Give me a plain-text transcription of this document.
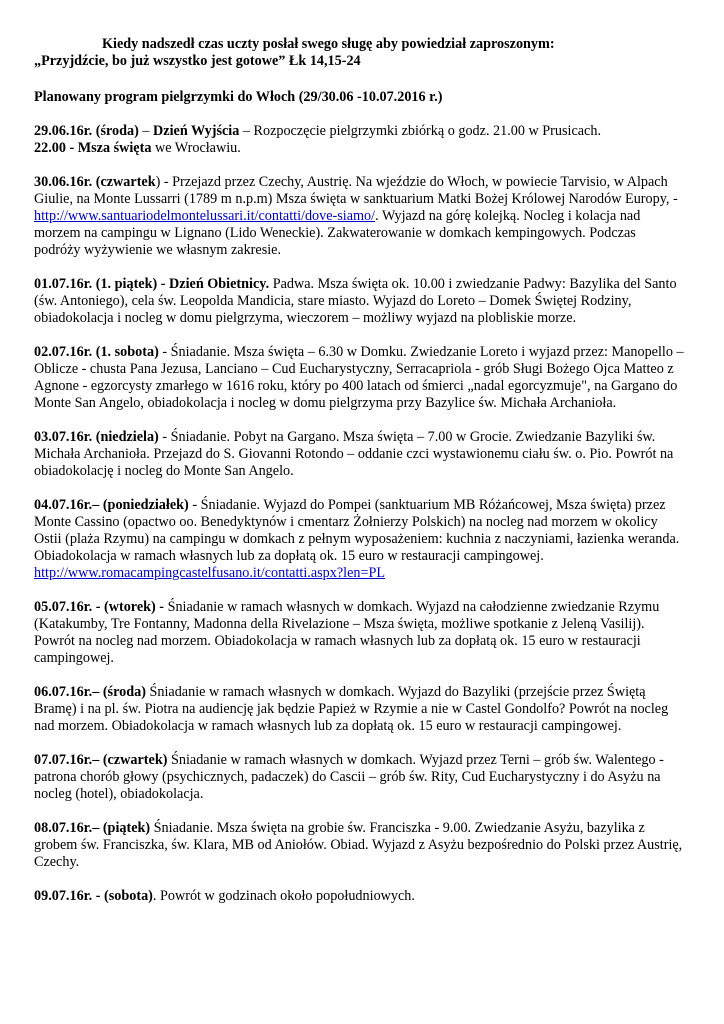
Kiedy nadszedł czas uczty posłał swego sługę aby powiedział zaproszonym:
„Przyjdźcie, bo już wszystko jest gotowe” Łk 14,15-24

Planowany program pielgrzymki do Włoch (29/30.06 -10.07.2016 r.)

29.06.16r. (środa) – Dzień Wyjścia – Rozpoczęcie pielgrzymki zbiórką o godz. 21.00 w Prusicach.
22.00 - Msza święta we Wrocławiu.

30.06.16r. (czwartek) - Przejazd przez Czechy, Austrię. Na wjeździe do Włoch, w powiecie Tarvisio, w Alpach Giulie, na Monte Lussarri (1789 m n.p.m) Msza święta w sanktuarium Matki Bożej Królowej Narodów Europy, - http://www.santuariodelmontelussari.it/contatti/dove-siamo/. Wyjazd na górę kolejką. Nocleg i kolacja nad morzem na campingu w Lignano (Lido Weneckie). Zakwaterowanie w domkach kempingowych. Podczas podróży wyżywienie we własnym zakresie.

01.07.16r. (1. piątek) - Dzień Obietnicy. Padwa. Msza święta ok. 10.00 i zwiedzanie Padwy: Bazylika del Santo (św. Antoniego), cela św. Leopolda Mandicia, stare miasto. Wyjazd do Loreto – Domek Świętej Rodziny, obiadokolacja i nocleg w domu pielgrzyma, wieczorem – możliwy wyjazd na plobliskie morze.

02.07.16r. (1. sobota) - Śniadanie. Msza święta – 6.30 w Domku. Zwiedzanie Loreto i wyjazd przez: Manopello – Oblicze - chusta Pana Jezusa, Lanciano – Cud Eucharystyczny, Serracapriola - grób Sługi Bożego Ojca Matteo z Agnone - egzorcysty zmarłego w 1616 roku, który po 400 latach od śmierci „nadal egorcyzmuje", na Gargano do Monte San Angelo, obiadokolacja i nocleg w domu pielgrzyma przy Bazylice św. Michała Archanioła.

03.07.16r. (niedziela) - Śniadanie. Pobyt na Gargano. Msza święta – 7.00 w Grocie. Zwiedzanie Bazyliki św. Michała Archanioła. Przejazd do S. Giovanni Rotondo – oddanie czci wystawionemu ciału św. o. Pio. Powrót na obiadokolację i nocleg do Monte San Angelo.

04.07.16r.– (poniedziałek) - Śniadanie. Wyjazd do Pompei (sanktuarium MB Różańcowej, Msza święta) przez Monte Cassino (opactwo oo. Benedyktynów i cmentarz Żołnierzy Polskich) na nocleg nad morzem w okolicy Ostii (plaża Rzymu) na campingu w domkach z pełnym wyposażeniem: kuchnia z naczyniami, łazienka weranda. Obiadokolacja w ramach własnych lub za dopłatą ok. 15 euro w restauracji campingowej. http://www.romacampingcastelfusano.it/contatti.aspx?len=PL

05.07.16r. - (wtorek) - Śniadanie w ramach własnych w domkach. Wyjazd na całodzienne zwiedzanie Rzymu (Katakumby, Tre Fontanny, Madonna della Rivelazione – Msza święta, możliwe spotkanie z Jeleną Vasilij). Powrót na nocleg nad morzem. Obiadokolacja w ramach własnych lub za dopłatą ok. 15 euro w restauracji campingowej.

06.07.16r.– (środa) Śniadanie w ramach własnych w domkach. Wyjazd do Bazyliki (przejście przez Świętą Bramę) i na pl. św. Piotra na audiencję jak będzie Papież w Rzymie a nie w Castel Gondolfo? Powrót na nocleg nad morzem. Obiadokolacja w ramach własnych lub za dopłatą ok. 15 euro w restauracji campingowej.

07.07.16r.– (czwartek) Śniadanie w ramach własnych w domkach. Wyjazd przez Terni – grób św. Walentego - patrona chorób głowy (psychicznych, padaczek) do Cascii – grób św. Rity, Cud Eucharystyczny i do Asyżu na nocleg (hotel), obiadokolacja.

08.07.16r.– (piątek) Śniadanie. Msza święta na grobie św. Franciszka - 9.00. Zwiedzanie Asyżu, bazylika z grobem św. Franciszka, św. Klara, MB od Aniołów. Obiad. Wyjazd z Asyżu bezpośrednio do Polski przez Austrię, Czechy.

09.07.16r. - (sobota). Powrót w godzinach około popołudniowych.
